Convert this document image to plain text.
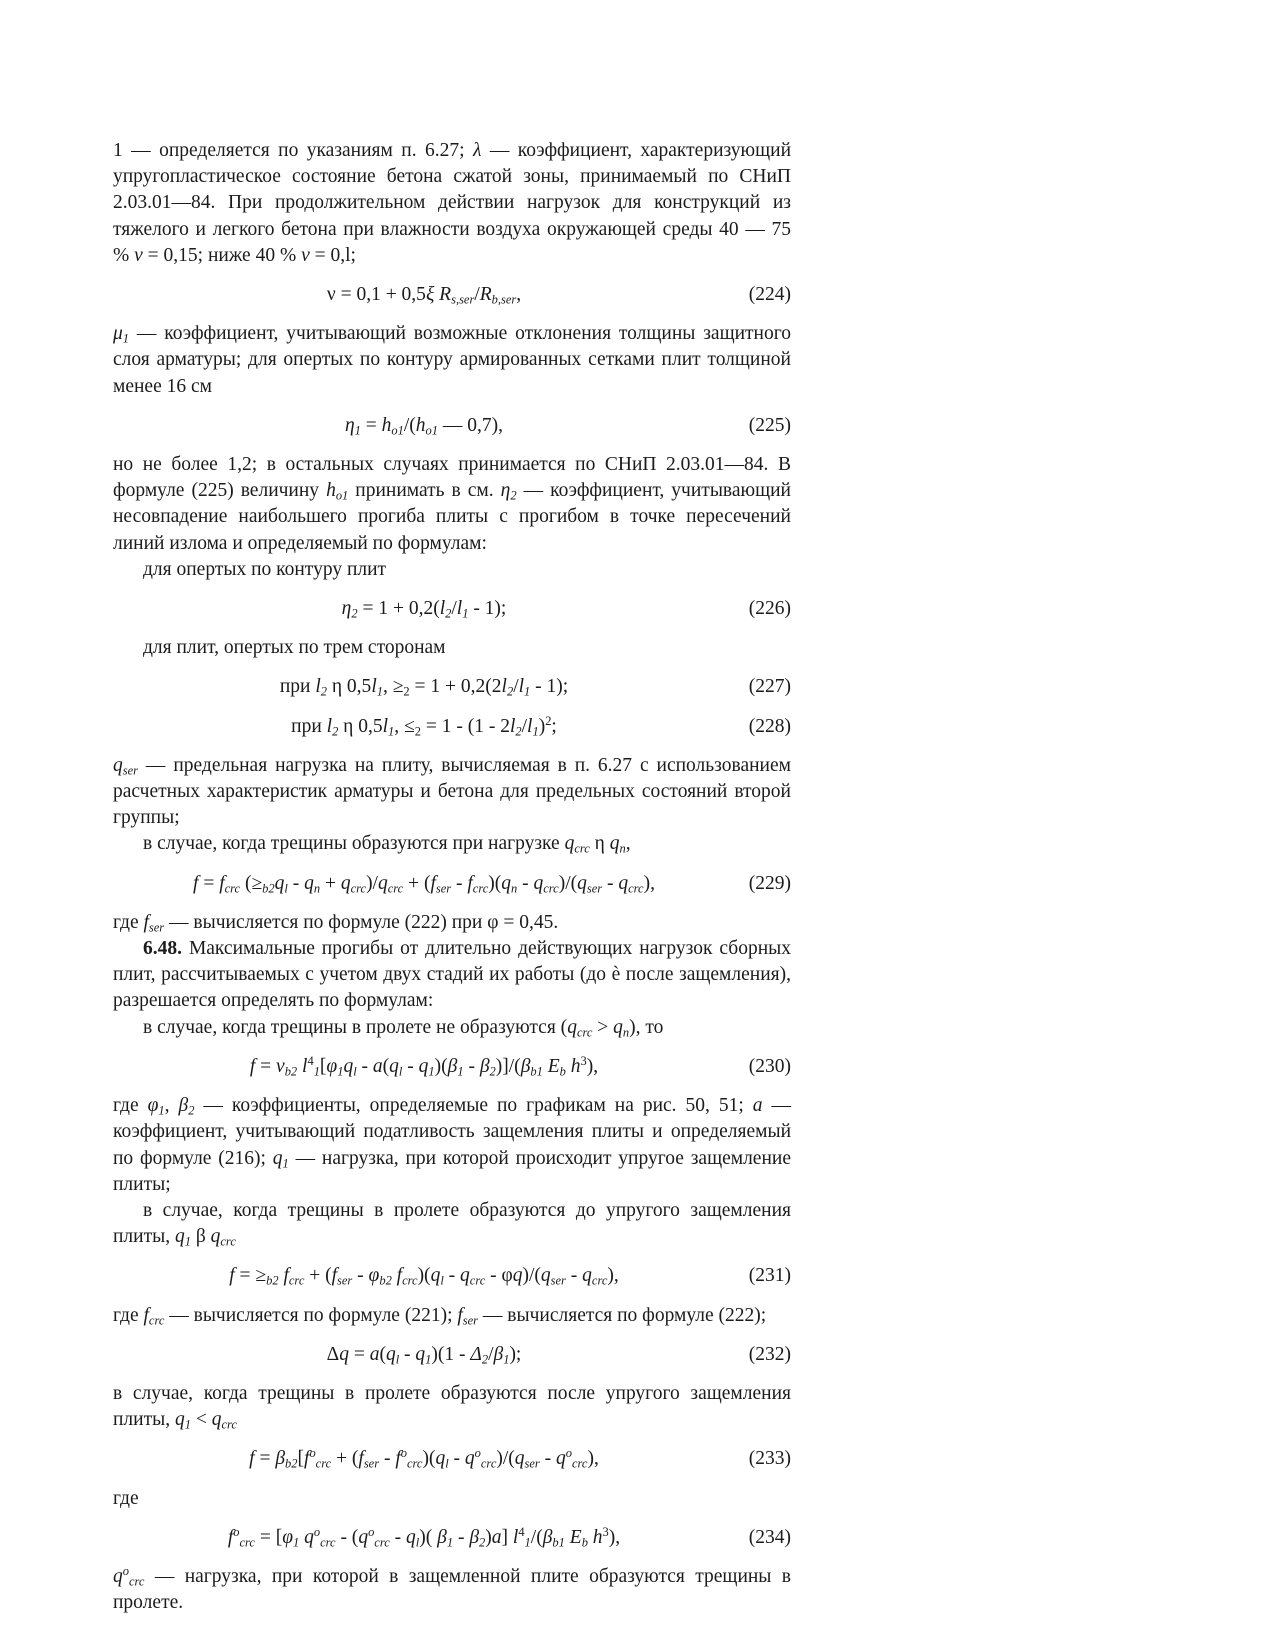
1 — определяется по указаниям п. 6.27; λ — коэффициент, характеризующий упругопластическое состояние бетона сжатой зоны, принимаемый по СНиП 2.03.01—84. При продолжительном действии нагрузок для конструкций из тяжелого и легкого бетона при влажности воздуха окружающей среды 40 — 75 % ν = 0,15; ниже 40 % ν = 0,l;

ν = 0,1 + 0,5ξ $R_{s,ser}/R_{b,ser}$,	(224)

$\mu_1$ — коэффициент, учитывающий возможные отклонения толщины защитного слоя арматуры; для опертых по контуру армированных сетками плит толщиной менее 16 см

$\eta_1 = h_{o1}/(h_{o1}$ — 0,7),	(225)

но не более 1,2; в остальных случаях принимается по СНиП 2.03.01—84. В формуле (225) величину $h_{o1}$ принимать в см. $\eta_2$ — коэффициент, учитывающий несовпадение наибольшего прогиба плиты с прогибом в точке пересечений линий излома и определяемый по формулам:

для опертых по контуру плит

$\eta_2 = 1 + 0,2(l_2/l_1 - 1)$;	(226)

для плит, опертых по трем сторонам

при $l_2$ η $0,5l_1$, $\ge_2 = 1 + 0,2(2l_2/l_1 - 1)$;	(227)
при $l_2$ η $0,5l_1$, $\le_2 = 1 - (1 - 2l_2/l_1)^2$;	(228)

$q_{ser}$ — предельная нагрузка на плиту, вычисляемая в п. 6.27 с использованием расчетных характеристик арматуры и бетона для предельных состояний второй группы;

в случае, когда трещины образуются при нагрузке $q_{crc}$ η $q_n$,

$f = f_{crc}$ $(\ge_{b2}q_l - q_n + q_{crc})/q_{crc} + (f_{ser} - f_{crc})(q_n - q_{crc})/(q_{ser} - q_{crc})$,	(229)

где $f_{ser}$ — вычисляется по формуле (222) при φ = 0,45.

6.48. Максимальные прогибы от длительно действующих нагрузок сборных плит, рассчитываемых с учетом двух стадий их работы (до è после защемления), разрешается определять по формулам:

в случае, когда трещины в пролете не образуются $(q_{crc} > q_n)$, то

$f = \nu_{b2}$ $l^4_1[\varphi_1q_l - a(q_l - q_1)(\beta_1 - \beta_2)]/(\beta_{b1}$ $E_b$ $h^3$),	(230)

где $\varphi_1$, $\beta_2$ — коэффициенты, определяемые по графикам на рис. 50, 51; a — коэффициент, учитывающий податливость защемления плиты и определяемый по формуле (216); $q_1$ — нагрузка, при которой происходит упругое защемление плиты;

в случае, когда трещины в пролете образуются до упругого защемления плиты, $q_1$ β $q_{crc}$

$f = \ge_{b2}$ $f_{crc} + (f_{ser} - \varphi_{b2}$ $f_{crc})(q_l - q_{crc} - \varphi q)/(q_{ser} - q_{crc})$,	(231)

где $f_{crc}$ — вычисляется по формуле (221); $f_{ser}$ — вычисляется по формуле (222);

$\Delta q = a(q_l - q_1)(1 - \Delta_2/\beta_1)$;	(232)

в случае, когда трещины в пролете образуются после упругого защемления плиты, $q_1 < q_{crc}$

$f = \beta_{b2}[f^o_{crc} + (f_{ser} - f^o_{crc})(q_l - q^o_{crc})/(q_{ser} - q^o_{crc})$,	(233)

где

$f^o_{crc} = [\varphi_1$ $q^o_{crc} - (q^o_{crc} - q_l)$( $\beta_1 - \beta_2)a$] $l^4_1/(\beta_{b1}$ $E_b$ $h^3$),	(234)

$q^o_{crc}$ — нагрузка, при которой в защемленной плите образуются трещины в пролете.
